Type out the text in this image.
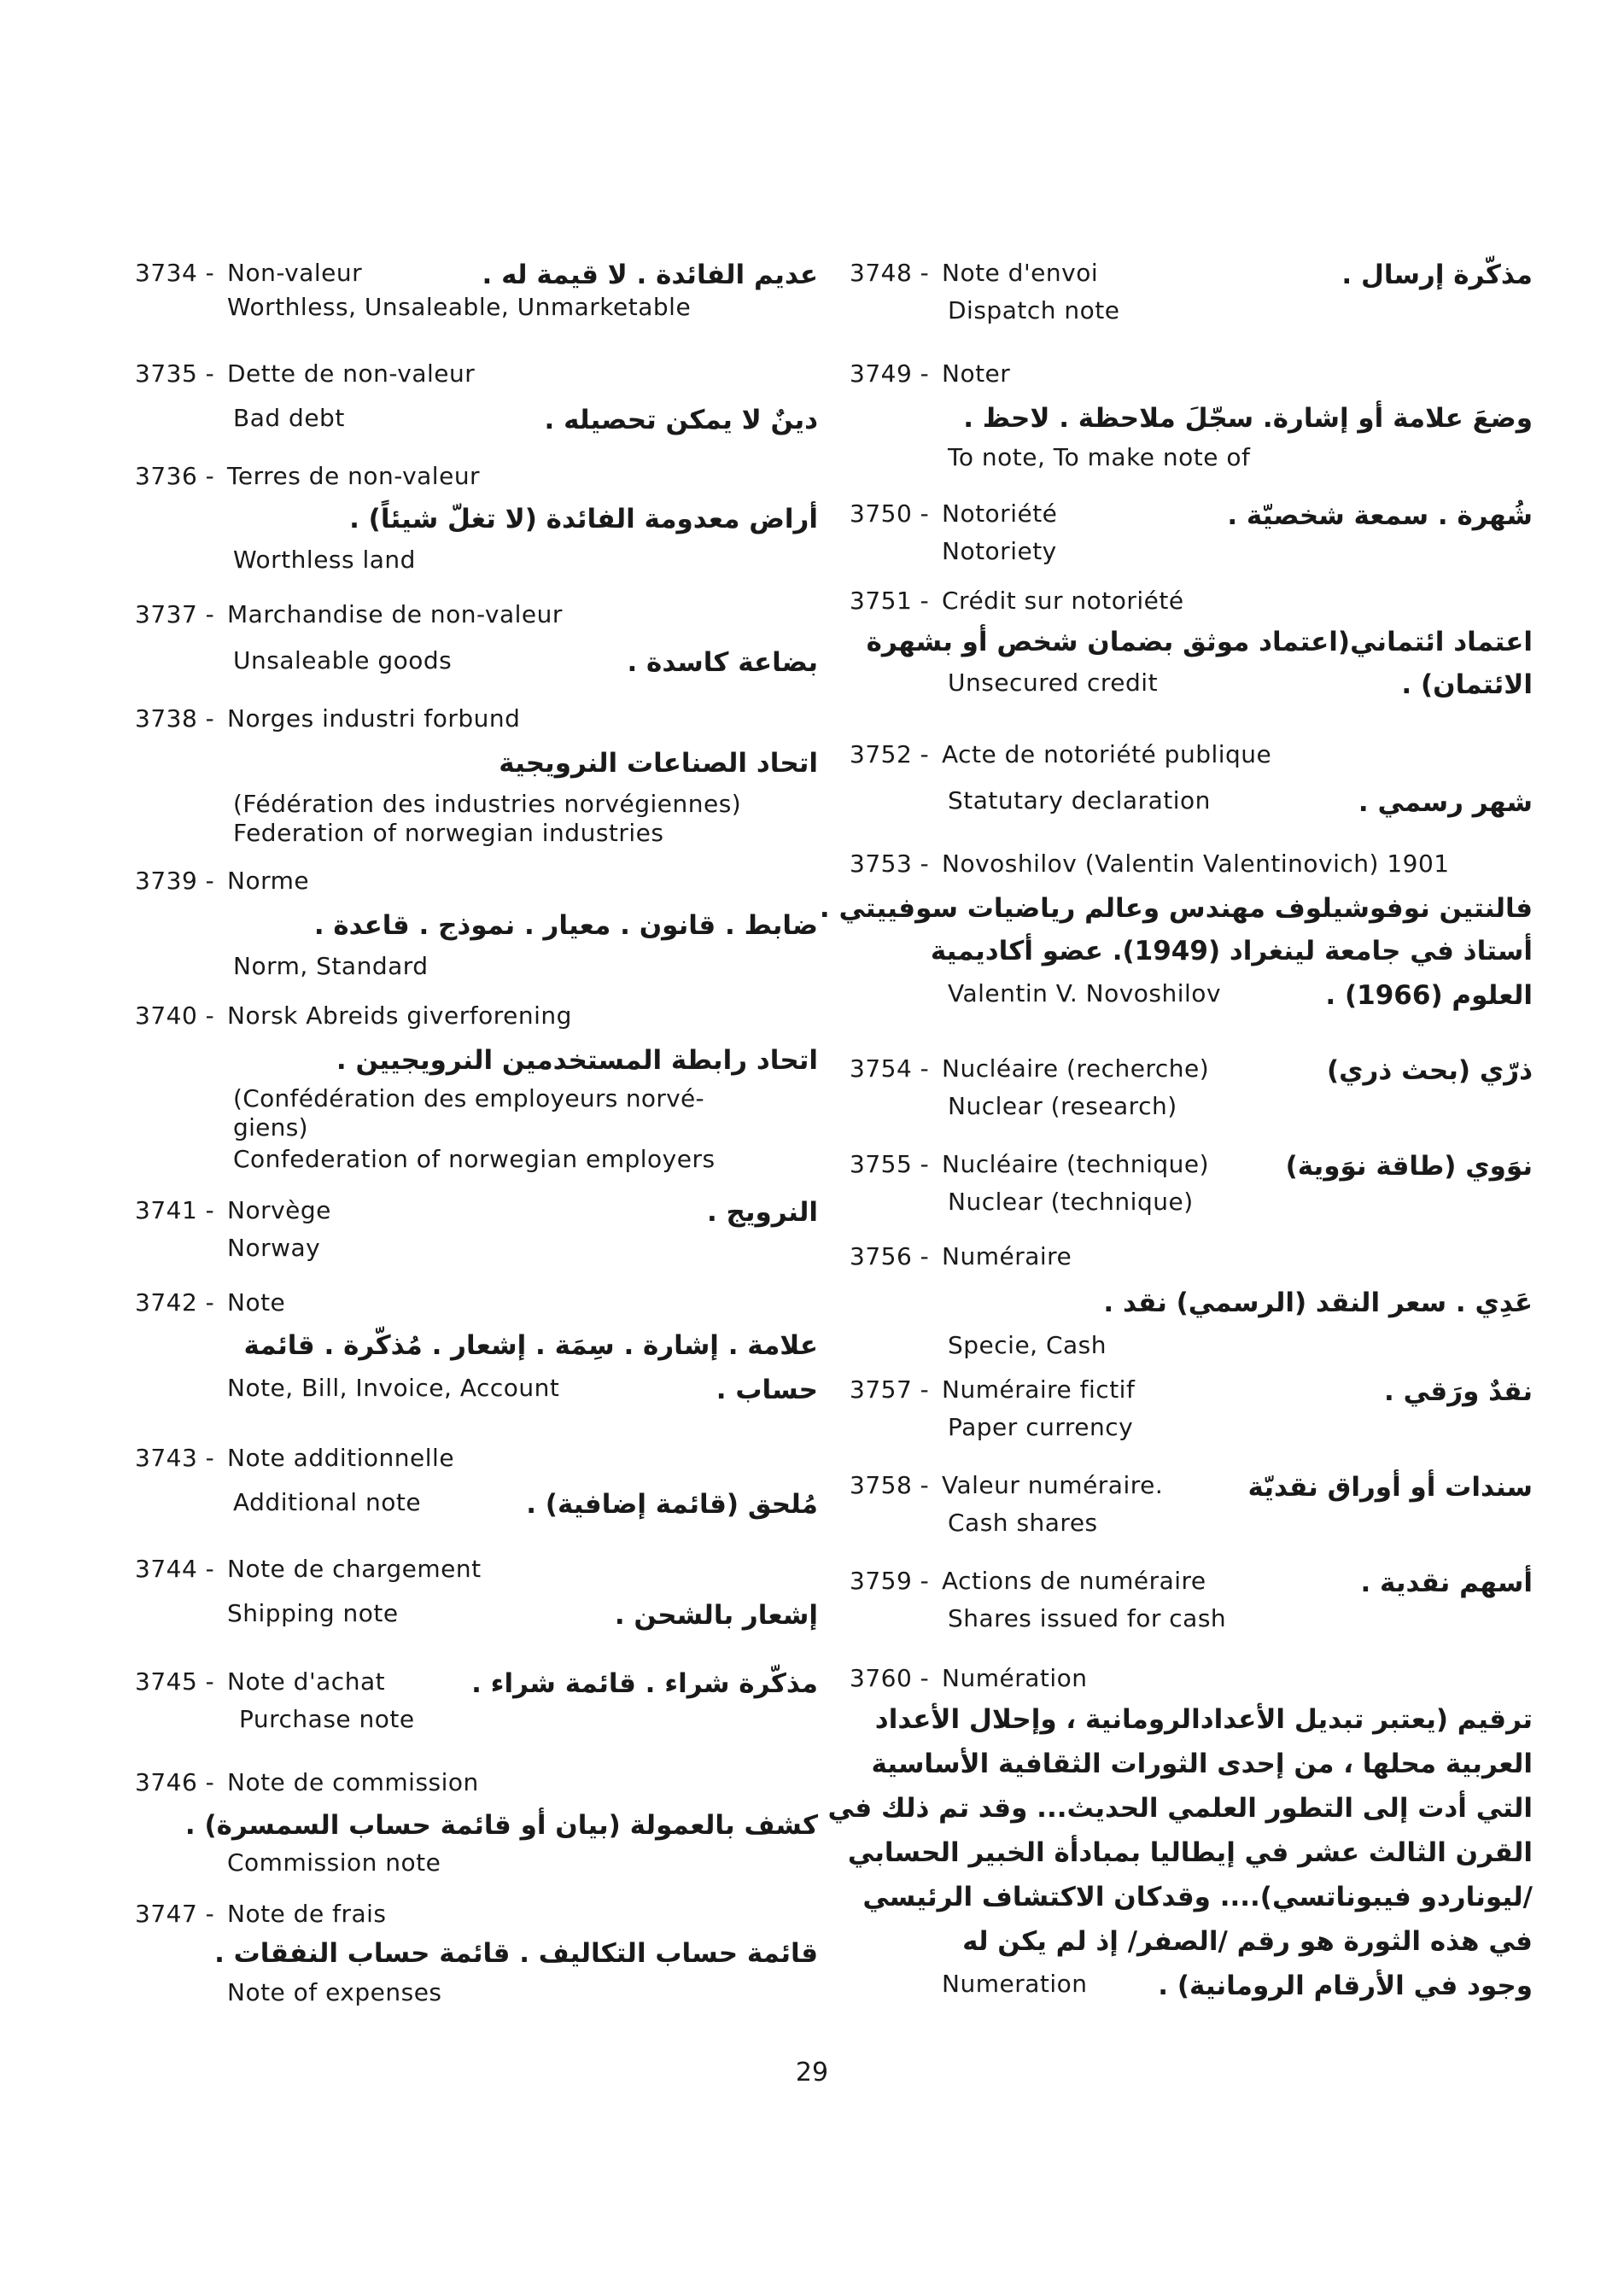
3734 - Non-valeur	عديم الفائدة . لا قيمة له .
Worthless, Unsaleable, Unmarketable
3735 - Dette de non-valeur
Bad debt	دينٌ لا يمكن تحصيله .
3736 - Terres de non-valeur
أراض معدومة الفائدة (لا تغلّ شيئاً) .
Worthless land
3737 - Marchandise de non-valeur
Unsaleable goods	بضاعة كاسدة .
3738 - Norges industri forbund
اتحاد الصناعات النرويجية
(Fédération des industries norvégiennes)
Federation of norwegian industries
3739 - Norme
ضابط . قانون . معيار . نموذج . قاعدة .
Norm, Standard
3740 - Norsk Abreids giverforening
اتحاد رابطة المستخدمين النرويجيين .
(Confédération des employeurs norvé-giens)
Confederation of norwegian employers
3741 - Norvège	النرويج .
Norway
3742 - Note
علامة . إشارة . سِمَة . إشعار . مُذكّرة . قائمة
Note, Bill, Invoice, Account	حساب .
3743 - Note additionnelle
Additional note	مُلحق (قائمة إضافية) .
3744 - Note de chargement
Shipping note	إشعار بالشحن .
3745 - Note d'achat	مذكّرة شراء . قائمة شراء .
Purchase note
3746 - Note de commission
كشف بالعمولة (بيان أو قائمة حساب السمسرة) .
Commission note
3747 - Note de frais
قائمة حساب التكاليف . قائمة حساب النفقات .
Note of expenses
3748 - Note d'envoi	مذكّرة إرسال .
Dispatch note
3749 - Noter
وضعَ علامة أو إشارة. سجّلَ ملاحظة . لاحظ .
To note, To make note of
3750 - Notoriété	شُهرة . سمعة شخصيّة .
Notoriety
3751 - Crédit sur notoriété
اعتماد ائتماني(اعتماد موثق بضمان شخص أو بشهرة
Unsecured credit	الائتمان) .
3752 - Acte de notoriété publique
Statutary declaration	شهر رسمي .
3753 - Novoshilov (Valentin Valentinovich) 1901
فالنتين نوفوشيلوف مهندس وعالم رياضيات سوفييتي .
أستاذ في جامعة لينغراد (1949). عضو أكاديمية
Valentin V. Novoshilov	العلوم (1966) .
3754 - Nucléaire (recherche)	ذرّي (بحث ذري)
Nuclear (research)
3755 - Nucléaire (technique)	نوَوي (طاقة نوَوية)
Nuclear (technique)
3756 - Numéraire
عَدِي . سعر النقد (الرسمي) نقد .
Specie, Cash
3757 - Numéraire fictif	نقدٌ ورَقي .
Paper currency
3758 - Valeur numéraire.	سندات أو أوراق نقديّة
Cash shares
3759 - Actions de numéraire	أسهم نقدية .
Shares issued for cash
3760 - Numération
ترقيم (يعتبر تبديل الأعدادالرومانية ، وإحلال الأعداد
العربية محلها ، من إحدى الثورات الثقافية الأساسية
التي أدت إلى التطور العلمي الحديث... وقد تم ذلك في
القرن الثالث عشر في إيطاليا بمبادأة الخبير الحسابي
/ليوناردو فيبوناتسي).... وقدكان الاكتشاف الرئيسي
في هذه الثورة هو رقم /الصفر/ إذ لم يكن له
Numeration	وجود في الأرقام الرومانية) .
29
